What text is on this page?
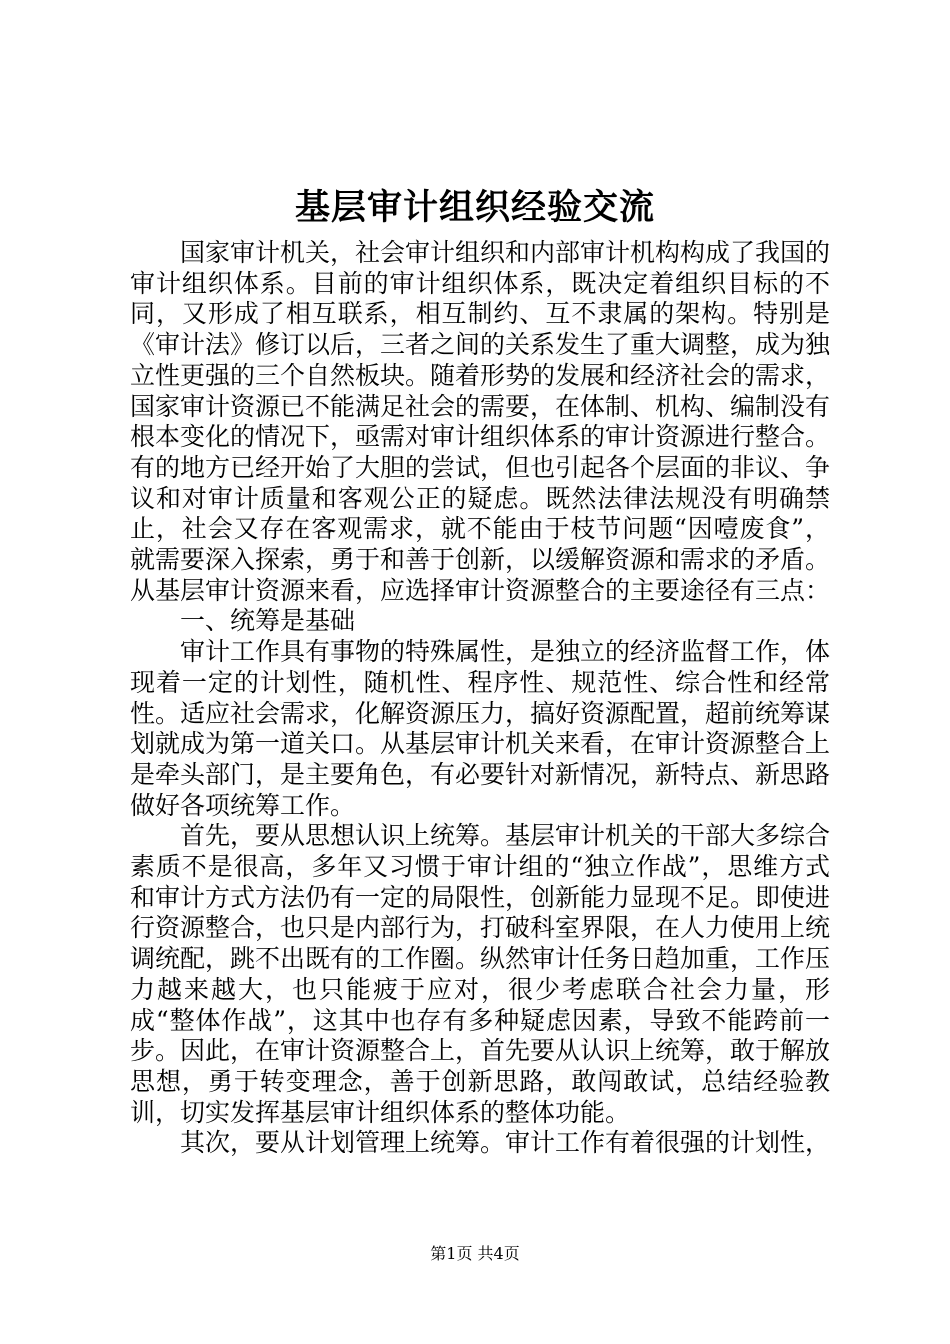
基层审计组织经验交流

国家审计机关，社会审计组织和内部审计机构构成了我国的审计组织体系。目前的审计组织体系，既决定着组织目标的不同，又形成了相互联系，相互制约、互不隶属的架构。特别是《审计法》修订以后，三者之间的关系发生了重大调整，成为独立性更强的三个自然板块。随着形势的发展和经济社会的需求，国家审计资源已不能满足社会的需要，在体制、机构、编制没有根本变化的情况下，亟需对审计组织体系的审计资源进行整合。有的地方已经开始了大胆的尝试，但也引起各个层面的非议、争议和对审计质量和客观公正的疑虑。既然法律法规没有明确禁止，社会又存在客观需求，就不能由于枝节问题“因噎废食”，就需要深入探索，勇于和善于创新，以缓解资源和需求的矛盾。从基层审计资源来看，应选择审计资源整合的主要途径有三点：

一、统筹是基础

审计工作具有事物的特殊属性，是独立的经济监督工作，体现着一定的计划性，随机性、程序性、规范性、综合性和经常性。适应社会需求，化解资源压力，搞好资源配置，超前统筹谋划就成为第一道关口。从基层审计机关来看，在审计资源整合上是牵头部门，是主要角色，有必要针对新情况，新特点、新思路做好各项统筹工作。

首先，要从思想认识上统筹。基层审计机关的干部大多综合素质不是很高，多年又习惯于审计组的“独立作战”，思维方式和审计方式方法仍有一定的局限性，创新能力显现不足。即使进行资源整合，也只是内部行为，打破科室界限，在人力使用上统调统配，跳不出既有的工作圈。纵然审计任务日趋加重，工作压力越来越大，也只能疲于应对，很少考虑联合社会力量，形成“整体作战”，这其中也存有多种疑虑因素，导致不能跨前一步。因此，在审计资源整合上，首先要从认识上统筹，敢于解放思想，勇于转变理念，善于创新思路，敢闯敢试，总结经验教训，切实发挥基层审计组织体系的整体功能。

其次，要从计划管理上统筹。审计工作有着很强的计划性，

第1页 共4页
